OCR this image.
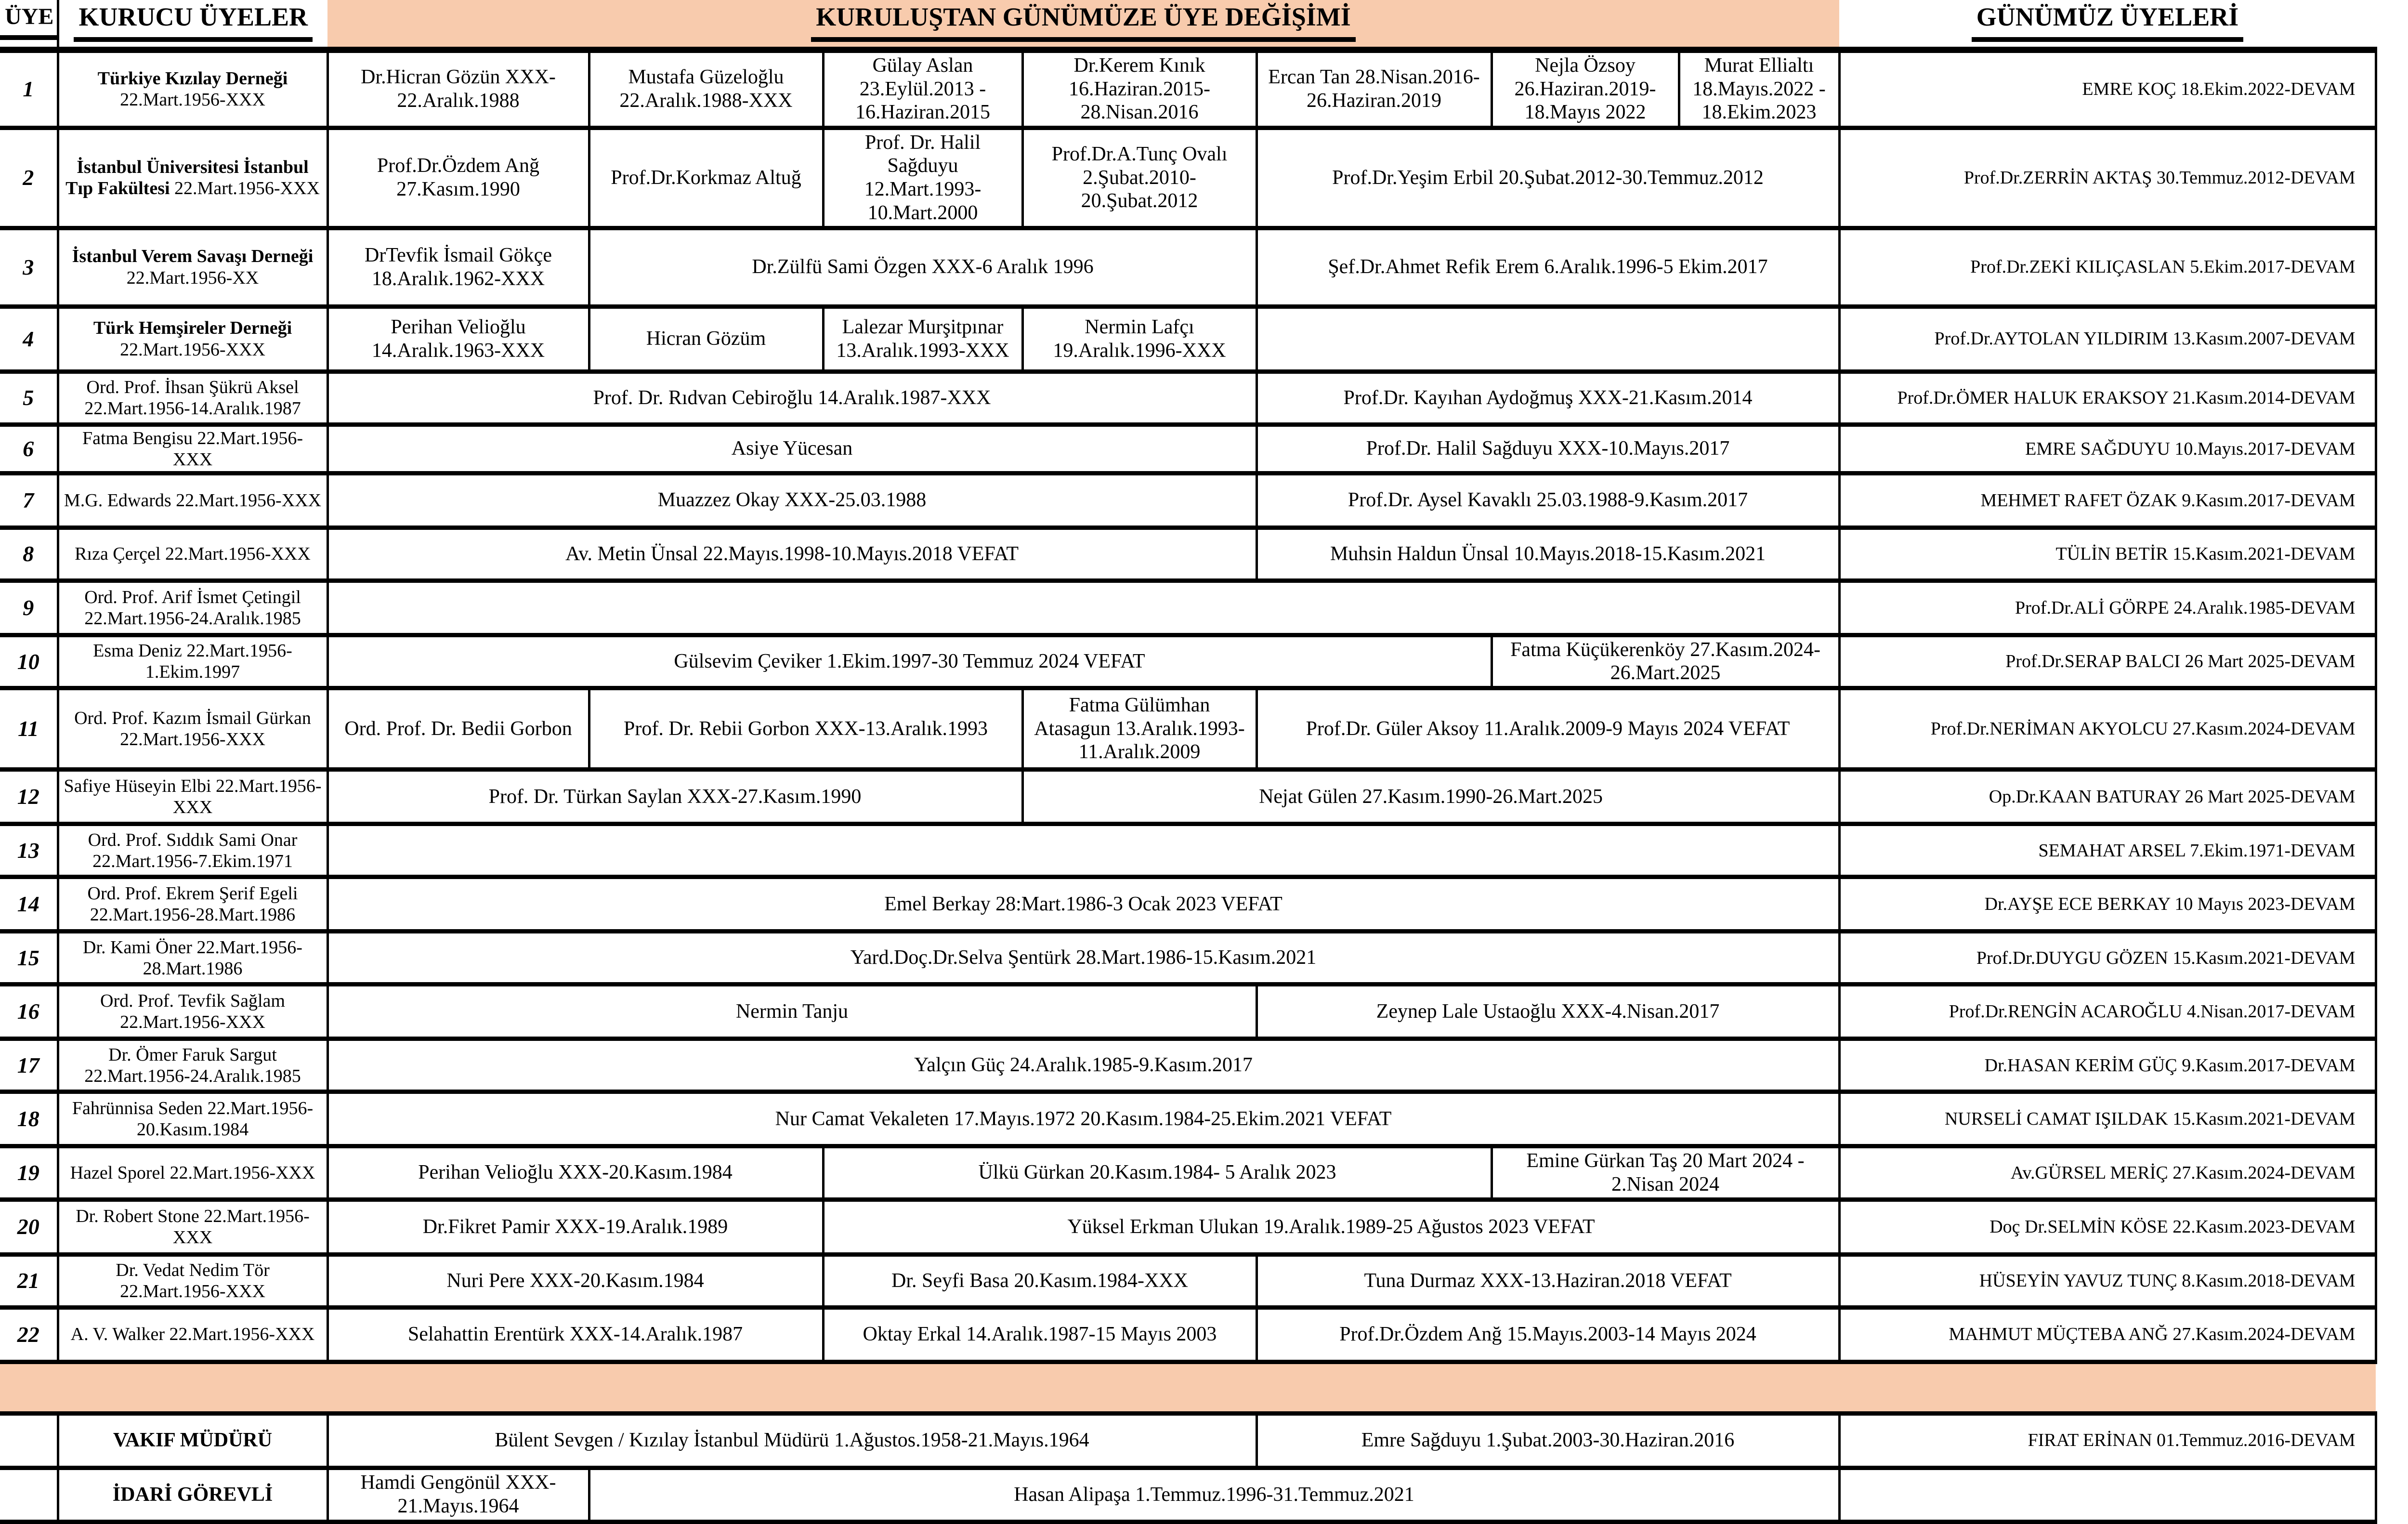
ÜYE	KURUCU ÜYELER	KURULUŞTAN GÜNÜMÜZE ÜYE DEĞİŞİMİ							GÜNÜMÜZ ÜYELERİ
1	Türkiye Kızılay Derneği 22.Mart.1956-​XXX	Dr.Hicran Gözün XXX-​22.Aralık.1988	Mustafa Güzeloğlu 22.Aralık.1988-​XXX	Gülay Aslan 23.Eylül.2013 -​ 16.Haziran.2015	Dr.Kerem Kınık 16.Haziran.2015-​28.Nisan.2016	Ercan Tan 28.Nisan.2016-​26.Haziran.2019	Nejla Özsoy 26.Haziran.2019-​18.Mayıs 2022	Murat Ellialtı 18.Mayıs.2022 -​ 18.Ekim.2023	EMRE KOÇ 18.Ekim.2022-​DEVAM
2	İstanbul Üniversitesi İstanbul Tıp Fakültesi 22.Mart.1956-​XXX	Prof.Dr.Özdem Anğ 27.Kasım.1990	Prof.Dr.Korkmaz Altuğ	Prof. Dr. Halil Sağduyu 12.Mart.1993-​10.Mart.2000	Prof.Dr.A.Tunç Ovalı 2.Şubat.2010-​20.Şubat.2012	Prof.Dr.Yeşim Erbil 20.Şubat.2012-​30.Temmuz.2012			Prof.Dr.ZERRİN AKTAŞ 30.Temmuz.2012-​DEVAM
3	İstanbul Verem Savaşı Derneği 22.Mart.1956-​XX	DrTevfik İsmail Gökçe 18.Aralık.1962-​XXX	Dr.Zülfü Sami Özgen XXX-​6 Aralık 1996			Şef.Dr.Ahmet Refik Erem 6.Aralık.1996-​5 Ekim.2017			Prof.Dr.ZEKİ KILIÇASLAN 5.Ekim.2017-​DEVAM
4	Türk Hemşireler Derneği 22.Mart.1956-​XXX	Perihan Velioğlu 14.Aralık.1963-​XXX	Hicran Gözüm	Lalezar Murşitpınar 13.Aralık.1993-​XXX	Nermin Lafçı 19.Aralık.1996-​XXX				Prof.Dr.AYTOLAN YILDIRIM 13.Kasım.2007-​DEVAM
5	Ord. Prof. İhsan Şükrü Aksel 22.Mart.1956-​14.Aralık.1987	Prof. Dr. Rıdvan Cebiroğlu 14.Aralık.1987-​XXX				Prof.Dr. Kayıhan Aydoğmuş XXX-​21.Kasım.2014			Prof.Dr.ÖMER HALUK ERAKSOY 21.Kasım.2014-​DEVAM
6	Fatma Bengisu 22.Mart.1956-​XXX	Asiye Yücesan				Prof.Dr. Halil Sağduyu XXX-​10.Mayıs.2017			EMRE SAĞDUYU 10.Mayıs.2017-​DEVAM
7	M.G. Edwards 22.Mart.1956-​XXX	Muazzez Okay XXX-​25.03.1988				Prof.Dr. Aysel Kavaklı 25.03.1988-​9.Kasım.2017			MEHMET RAFET ÖZAK 9.Kasım.2017-​DEVAM
8	Rıza Çerçel 22.Mart.1956-​XXX	Av. Metin Ünsal 22.Mayıs.1998-​10.Mayıs.2018 VEFAT				Muhsin Haldun Ünsal 10.Mayıs.2018-​15.Kasım.2021			TÜLİN BETİR 15.Kasım.2021-​DEVAM
9	Ord. Prof. Arif İsmet Çetingil 22.Mart.1956-​24.Aralık.1985								Prof.Dr.ALİ GÖRPE 24.Aralık.1985-​DEVAM
10	Esma Deniz 22.Mart.1956-​1.Ekim.1997	Gülsevim Çeviker 1.Ekim.1997-​30 Temmuz 2024 VEFAT					Fatma Küçükerenköy 27.Kasım.2024-​26.Mart.2025		Prof.Dr.SERAP BALCI 26 Mart 2025-​DEVAM
11	Ord. Prof. Kazım İsmail Gürkan 22.Mart.1956-​XXX	Ord. Prof. Dr. Bedii Gorbon	Prof. Dr. Rebii Gorbon XXX-​13.Aralık.1993		Fatma Gülümhan Atasagun 13.Aralık.1993-​11.Aralık.2009	Prof.Dr. Güler Aksoy 11.Aralık.2009-​9 Mayıs 2024 VEFAT			Prof.Dr.NERİMAN AKYOLCU 27.Kasım.2024-​DEVAM
12	Safiye Hüseyin Elbi 22.Mart.1956-​XXX	Prof. Dr. Türkan Saylan XXX-​27.Kasım.1990			Nejat Gülen 27.Kasım.1990-​26.Mart.2025				Op.Dr.KAAN BATURAY 26 Mart 2025-​DEVAM
13	Ord. Prof. Sıddık Sami Onar 22.Mart.1956-​7.Ekim.1971								SEMAHAT ARSEL 7.Ekim.1971-​DEVAM
14	Ord. Prof. Ekrem Şerif Egeli 22.Mart.1956-​28.Mart.1986	Emel Berkay 28:Mart.1986-​3 Ocak 2023 VEFAT							Dr.AYŞE ECE BERKAY 10 Mayıs 2023-​DEVAM
15	Dr. Kami Öner 22.Mart.1956-​28.Mart.1986	Yard.Doç.Dr.Selva Şentürk 28.Mart.1986-​15.Kasım.2021							Prof.Dr.DUYGU GÖZEN 15.Kasım.2021-​DEVAM
16	Ord. Prof. Tevfik Sağlam 22.Mart.1956-​XXX	Nermin Tanju				Zeynep Lale Ustaoğlu XXX-​4.Nisan.2017			Prof.Dr.RENGİN ACAROĞLU 4.Nisan.2017-​DEVAM
17	Dr. Ömer Faruk Sargut 22.Mart.1956-​24.Aralık.1985	Yalçın Güç 24.Aralık.1985-​9.Kasım.2017							Dr.HASAN KERİM GÜÇ 9.Kasım.2017-​DEVAM
18	Fahrünnisa Seden 22.Mart.1956-​20.Kasım.1984	Nur Camat Vekaleten 17.Mayıs.1972 20.Kasım.1984-​25.Ekim.2021 VEFAT							NURSELİ CAMAT IŞILDAK 15.Kasım.2021-​DEVAM
19	Hazel Sporel 22.Mart.1956-​XXX	Perihan Velioğlu XXX-​20.Kasım.1984		Ülkü Gürkan 20.Kasım.1984-​ 5 Aralık 2023			Emine Gürkan Taş 20 Mart 2024 -​ 2.Nisan 2024		Av.GÜRSEL MERİÇ 27.Kasım.2024-​DEVAM
20	Dr. Robert Stone 22.Mart.1956-​XXX	Dr.Fikret Pamir XXX-​19.Aralık.1989		Yüksel Erkman Ulukan 19.Aralık.1989-​25 Ağustos 2023 VEFAT					Doç Dr.SELMİN KÖSE 22.Kasım.2023-​DEVAM
21	Dr. Vedat Nedim Tör 22.Mart.1956-​XXX	Nuri Pere XXX-​20.Kasım.1984		Dr. Seyfi Basa 20.Kasım.1984-​XXX		Tuna Durmaz XXX-​13.Haziran.2018 VEFAT			HÜSEYİN YAVUZ TUNÇ 8.Kasım.2018-​DEVAM
22	A. V. Walker 22.Mart.1956-​XXX	Selahattin Erentürk XXX-​14.Aralık.1987		Oktay Erkal 14.Aralık.1987-​15 Mayıs 2003		Prof.Dr.Özdem Anğ 15.Mayıs.2003-​14 Mayıs 2024			MAHMUT MÜÇTEBA ANĞ 27.Kasım.2024-​DEVAM

	VAKIF MÜDÜRÜ	Bülent Sevgen / Kızılay İstanbul Müdürü 1.Ağustos.1958-​21.Mayıs.1964				Emre Sağduyu 1.Şubat.2003-​30.Haziran.2016			FIRAT ERİNAN 01.Temmuz.2016-​DEVAM
	İDARİ GÖREVLİ	Hamdi Gengönül XXX-​21.Mayıs.1964	Hasan Alipaşa 1.Temmuz.1996-​31.Temmuz.2021						
